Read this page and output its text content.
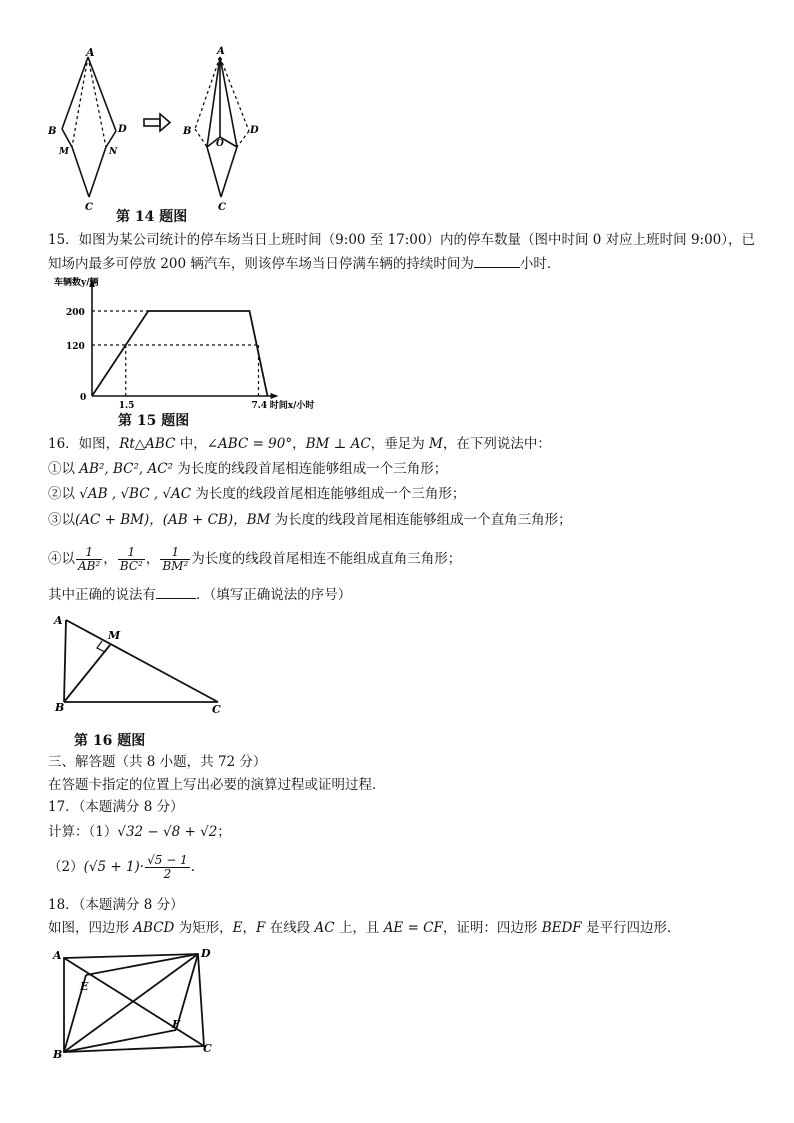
A
B	D
M	N
C
A
B	D
O
C
第 14 题图
15．如图为某公司统计的停车场当日上班时间（9:00 至 17:00）内的停车数量（图中时间 0 对应上班时间 9:00），已
知场内最多可停放 200 辆汽车，则该停车场当日停满车辆的持续时间为	小时．
车辆数y/辆
时间x/小时
0
200
120
1.5	7.4
第 15 题图
16．如图，Rt△ABC 中，∠ABC = 90°，BM ⊥ AC，垂足为 M，在下列说法中：
①以 AB², BC², AC² 为长度的线段首尾相连能够组成一个三角形；
②以 √AB , √BC , √AC 为长度的线段首尾相连能够组成一个三角形；
③以(AC + BM)，(AB + CB)，BM 为长度的线段首尾相连能够组成一个直角三角形；
④以 $\frac{1}{\text{AB²}}$ ， $\frac{1}{\text{BC²}}$ ， $\frac{1}{\text{BM²}}$ 为长度的线段首尾相连不能组成直角三角形；
其中正确的说法有	．（填写正确说法的序号）
A
M
B	C
第 16 题图
三、解答题（共 8 小题，共 72 分）
在答题卡指定的位置上写出必要的演算过程或证明过程．
17．（本题满分 8 分）
计算：（1）√32 − √8 + √2；
$(2)(√5 + 1)\cdot \frac{√5 - 1}{2}$ .
18．（本题满分 8 分）
如图，四边形 ABCD 为矩形，E，F 在线段 AC 上，且 AE = CF，证明：四边形 BEDF 是平行四边形．
A	D
E
F
B	C
